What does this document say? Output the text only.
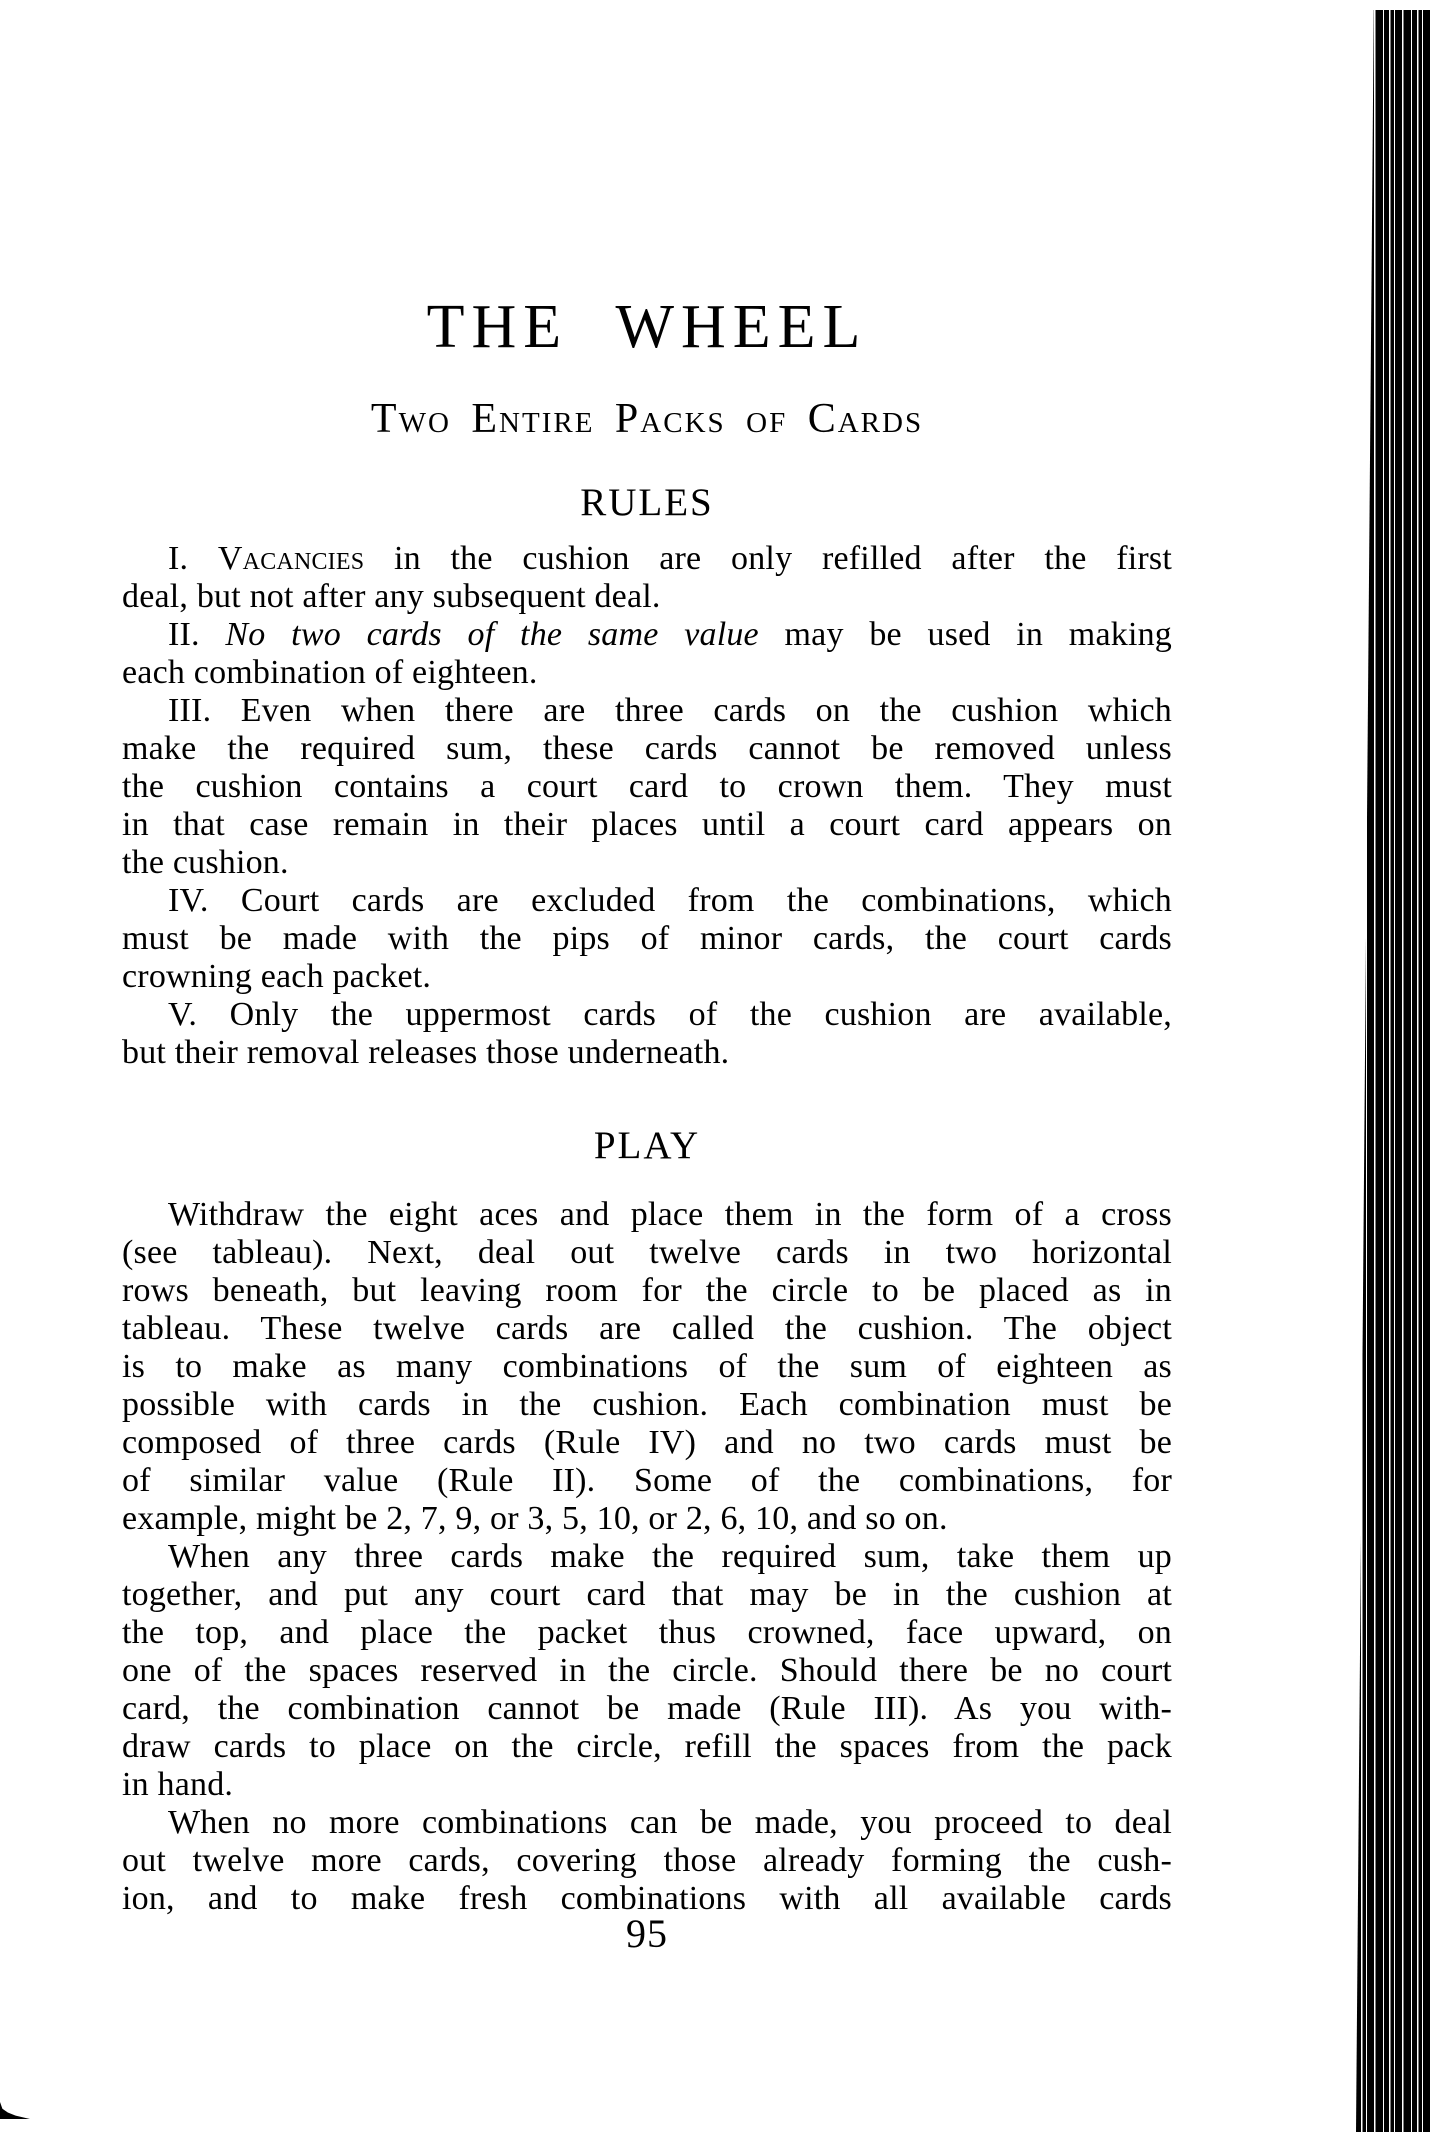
THE WHEEL
Two Entire Packs of Cards
RULES
I. Vacancies in the cushion are only refilled after the first
deal, but not after any subsequent deal.
II. No two cards of the same value may be used in making
each combination of eighteen.
III. Even when there are three cards on the cushion which
make the required sum, these cards cannot be removed unless
the cushion contains a court card to crown them. They must
in that case remain in their places until a court card appears on
the cushion.
IV. Court cards are excluded from the combinations, which
must be made with the pips of minor cards, the court cards
crowning each packet.
V. Only the uppermost cards of the cushion are available,
but their removal releases those underneath.
PLAY
Withdraw the eight aces and place them in the form of a cross
(see tableau). Next, deal out twelve cards in two horizontal
rows beneath, but leaving room for the circle to be placed as in
tableau. These twelve cards are called the cushion. The object
is to make as many combinations of the sum of eighteen as
possible with cards in the cushion. Each combination must be
composed of three cards (Rule IV) and no two cards must be
of similar value (Rule II). Some of the combinations, for
example, might be 2, 7, 9, or 3, 5, 10, or 2, 6, 10, and so on.
When any three cards make the required sum, take them up
together, and put any court card that may be in the cushion at
the top, and place the packet thus crowned, face upward, on
one of the spaces reserved in the circle. Should there be no court
card, the combination cannot be made (Rule III). As you with-
draw cards to place on the circle, refill the spaces from the pack
in hand.
When no more combinations can be made, you proceed to deal
out twelve more cards, covering those already forming the cush-
ion, and to make fresh combinations with all available cards
95
